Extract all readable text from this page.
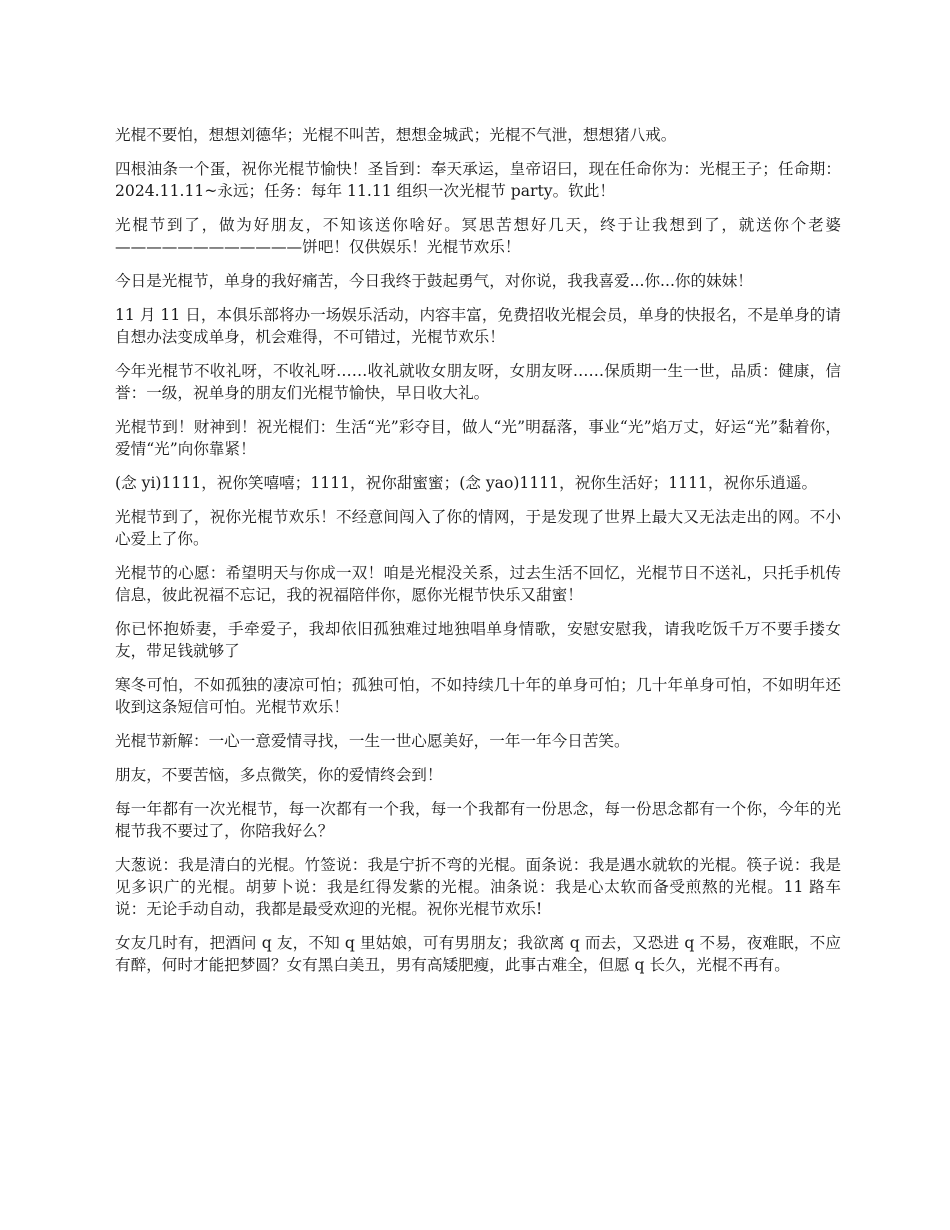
光棍不要怕，想想刘德华；光棍不叫苦，想想金城武；光棍不气泄，想想猪八戒。

四根油条一个蛋，祝你光棍节愉快！圣旨到：奉天承运，皇帝诏曰，现在任命你为：光棍王子；任命期：2024.11.11~永远；任务：每年 11.11 组织一次光棍节 party。钦此！

光棍节到了，做为好朋友，不知该送你啥好。冥思苦想好几天，终于让我想到了，就送你个老婆————————————饼吧！仅供娱乐！光棍节欢乐！

今日是光棍节，单身的我好痛苦，今日我终于鼓起勇气，对你说，我我喜爱...你...你的妹妹！

11 月 11 日，本俱乐部将办一场娱乐活动，内容丰富，免费招收光棍会员，单身的快报名，不是单身的请自想办法变成单身，机会难得，不可错过，光棍节欢乐！

今年光棍节不收礼呀，不收礼呀……收礼就收女朋友呀，女朋友呀……保质期一生一世，品质：健康，信誉：一级，祝单身的朋友们光棍节愉快，早日收大礼。

光棍节到！财神到！祝光棍们：生活“光”彩夺目，做人“光”明磊落，事业“光”焰万丈，好运“光”黏着你，爱情“光”向你靠紧！

(念 yi)1111，祝你笑嘻嘻；1111，祝你甜蜜蜜；(念 yao)1111，祝你生活好；1111，祝你乐逍遥。

光棍节到了，祝你光棍节欢乐！不经意间闯入了你的情网，于是发现了世界上最大又无法走出的网。不小心爱上了你。

光棍节的心愿：希望明天与你成一双！咱是光棍没关系，过去生活不回忆，光棍节日不送礼，只托手机传信息，彼此祝福不忘记，我的祝福陪伴你，愿你光棍节快乐又甜蜜！

你已怀抱娇妻，手牵爱子，我却依旧孤独难过地独唱单身情歌，安慰安慰我，请我吃饭千万不要手搂女友，带足钱就够了

寒冬可怕，不如孤独的凄凉可怕；孤独可怕，不如持续几十年的单身可怕；几十年单身可怕，不如明年还收到这条短信可怕。光棍节欢乐！

光棍节新解：一心一意爱情寻找，一生一世心愿美好，一年一年今日苦笑。

朋友，不要苦恼，多点微笑，你的爱情终会到！

每一年都有一次光棍节，每一次都有一个我，每一个我都有一份思念，每一份思念都有一个你，今年的光棍节我不要过了，你陪我好么？

大葱说：我是清白的光棍。竹签说：我是宁折不弯的光棍。面条说：我是遇水就软的光棍。筷子说：我是见多识广的光棍。胡萝卜说：我是红得发紫的光棍。油条说：我是心太软而备受煎熬的光棍。11 路车说：无论手动自动，我都是最受欢迎的光棍。祝你光棍节欢乐!

女友几时有，把酒问 q 友，不知 q 里姑娘，可有男朋友；我欲离 q 而去，又恐进 q 不易，夜难眠，不应有醉，何时才能把梦圆？女有黑白美丑，男有高矮肥瘦，此事古难全，但愿 q 长久，光棍不再有。
